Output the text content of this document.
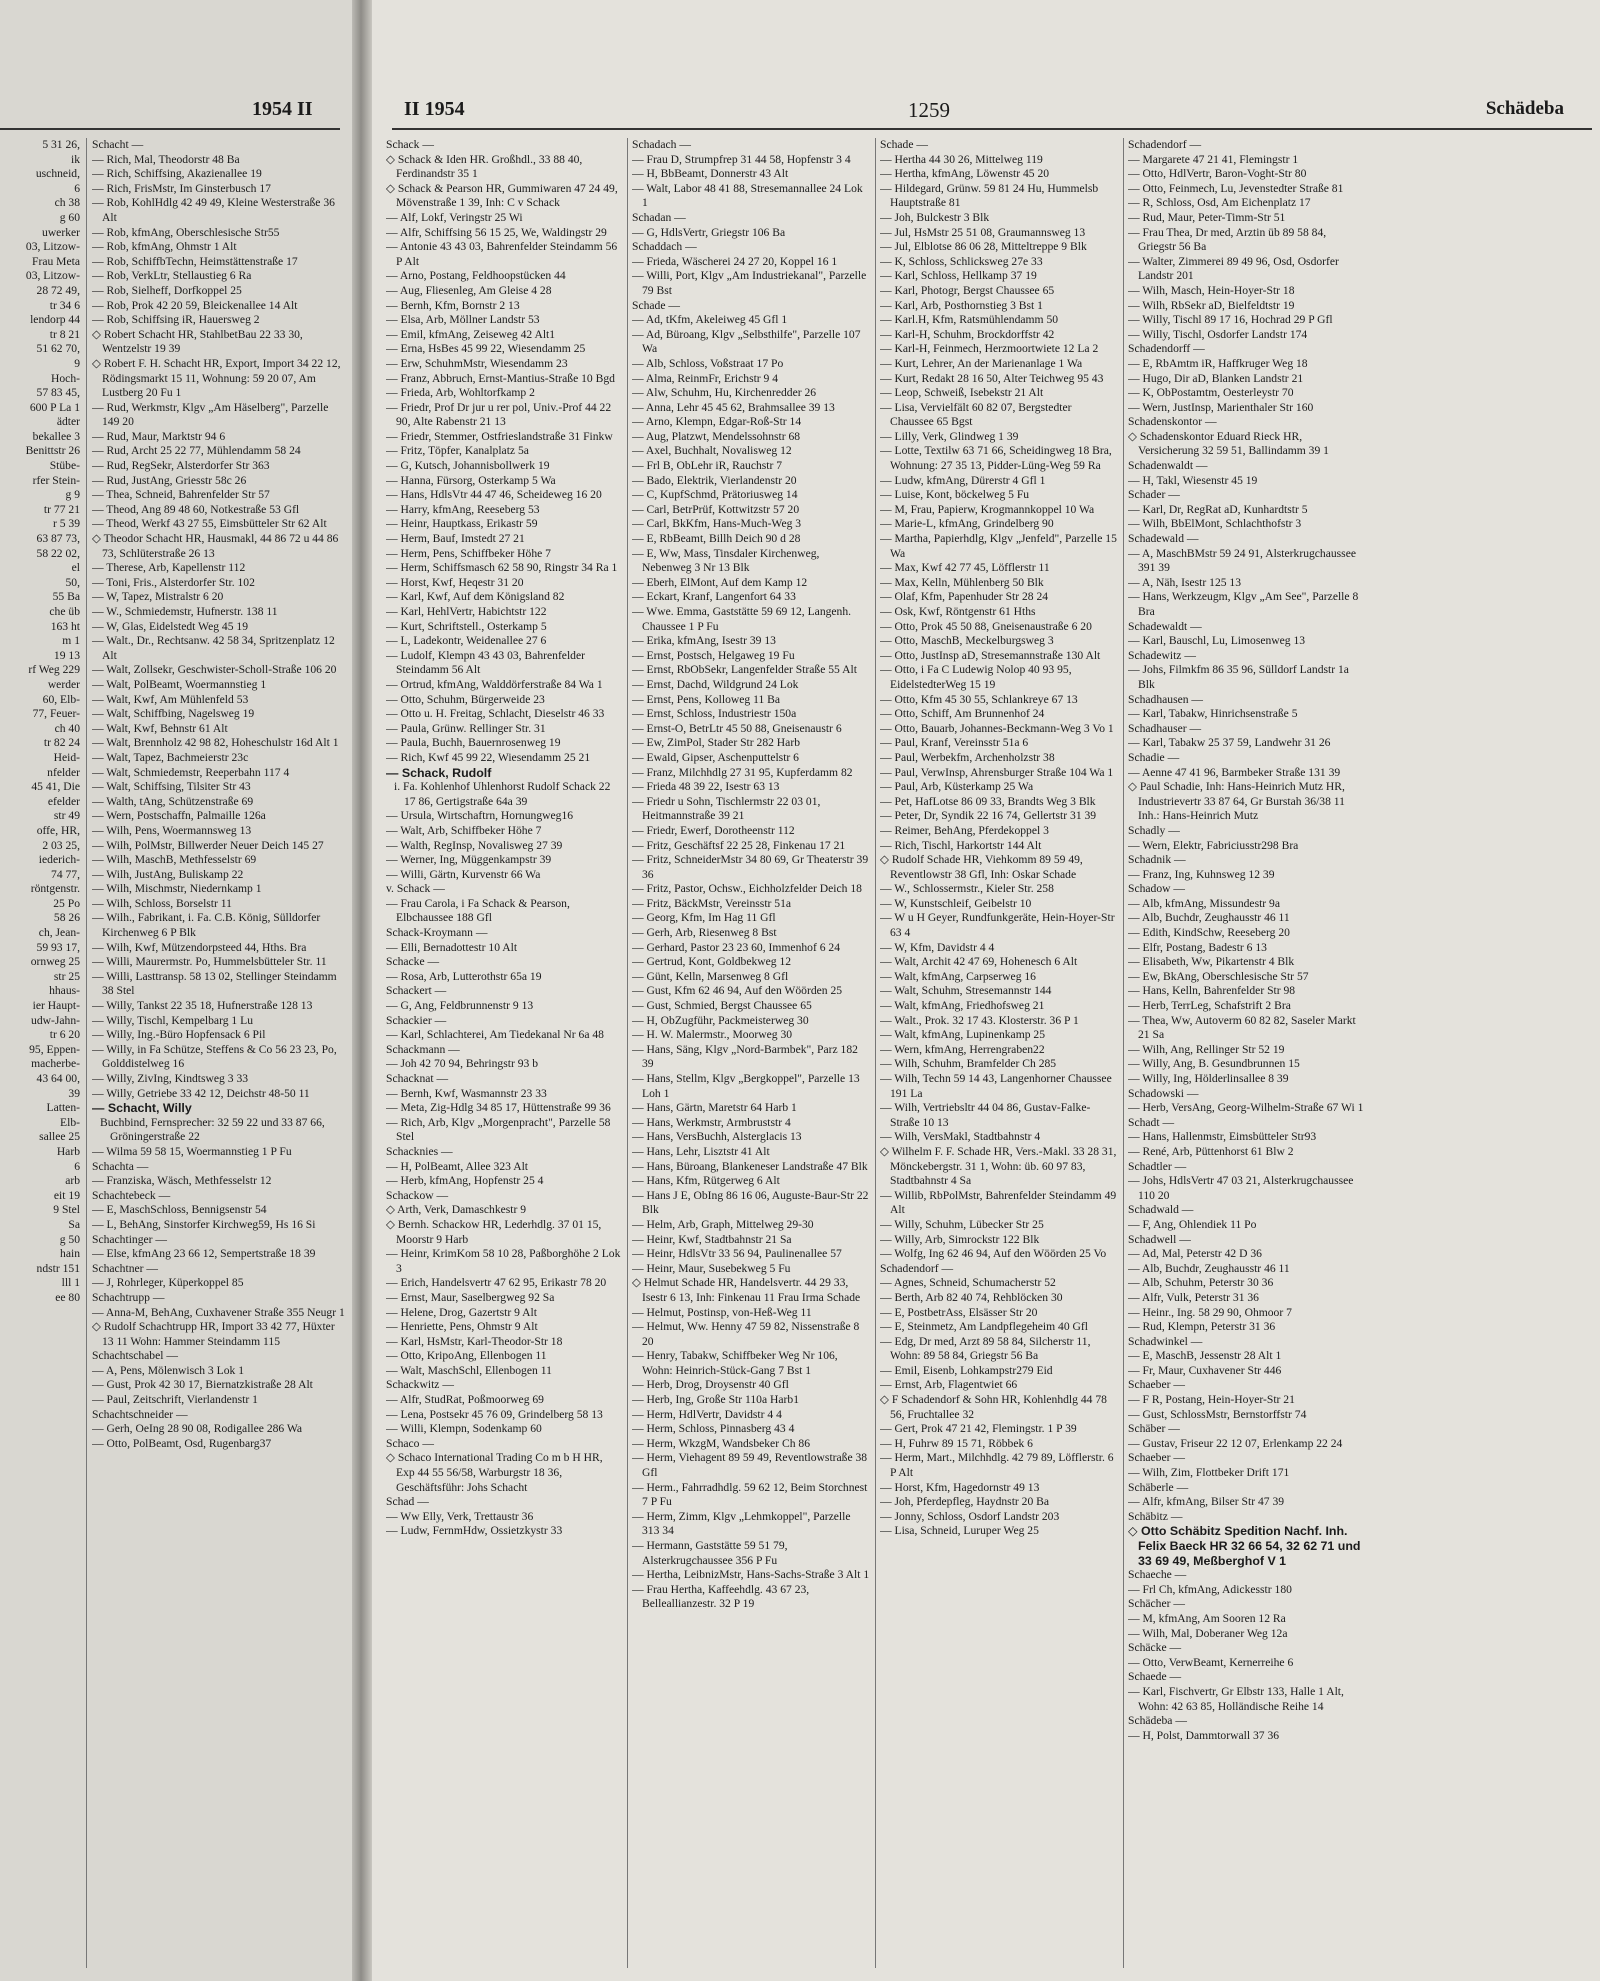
1954 II

5 31 26,

ik

uschneid,

6

ch 38

g 60

uwerker

03, Litzow-

Frau Meta

03, Litzow-

28 72 49,

tr 34 6

lendorp 44

tr 8 21

51 62 70,

9

Hoch-

57 83 45,

600 P La 1

ädter

bekallee 3

Benittstr 26

Stübe-

rfer Stein-

g 9

tr 77 21

r 5 39

63 87 73,

58 22 02,

el

50,

55 Ba

che üb

163 ht

m 1

19 13

rf Weg 229

werder

60, Elb-

77, Feuer-

ch 40

tr 82 24

Heid-

nfelder

45 41, Die

efelder

str 49

offe, HR,

2 03 25,

iederich-

74 77,

röntgenstr.

25 Po

58 26

ch, Jean-

59 93 17,

ornweg 25

str 25

hhaus-

ier Haupt-

udw-Jahn-

tr 6 20

95, Eppen-

macherbe-

43 64 00,

39

Latten-

Elb-

sallee 25

Harb

6

arb

eit 19

9 Stel

Sa

g 50

hain

ndstr 151

lll 1

ee 80

Schacht —

— Rich, Mal, Theodorstr 48 Ba

— Rich, Schiffsing, Akazienallee 19

— Rich, FrisMstr, Im Ginsterbusch 17

— Rob, KohlHdlg 42 49 49, Kleine Westerstraße 36 Alt

— Rob, kfmAng, Oberschlesische Str55

— Rob, kfmAng, Ohmstr 1 Alt

— Rob, SchiffbTechn, Heimstättenstraße 17

— Rob, VerkLtr, Stellaustieg 6 Ra

— Rob, Sielheff, Dorfkoppel 25

— Rob, Prok 42 20 59, Bleickenallee 14 Alt

— Rob, Schiffsing iR, Hauersweg 2

◇ Robert Schacht HR, StahlbetBau 22 33 30, Wentzelstr 19 39

◇ Robert F. H. Schacht HR, Export, Import 34 22 12, Rödingsmarkt 15 11, Wohnung: 59 20 07, Am Lustberg 20 Fu 1

— Rud, Werkmstr, Klgv „Am Häselberg", Parzelle 149 20

— Rud, Maur, Marktstr 94 6

— Rud, Archt 25 22 77, Mühlendamm 58 24

— Rud, RegSekr, Alsterdorfer Str 363

— Rud, JustAng, Griesstr 58c 26

— Thea, Schneid, Bahrenfelder Str 57

— Theod, Ang 89 48 60, Notkestraße 53 Gfl

— Theod, Werkf 43 27 55, Eimsbütteler Str 62 Alt

◇ Theodor Schacht HR, Hausmakl, 44 86 72 u 44 86 73, Schlüterstraße 26 13

— Therese, Arb, Kapellenstr 112

— Toni, Fris., Alsterdorfer Str. 102

— W, Tapez, Mistralstr 6 20

— W., Schmiedemstr, Hufnerstr. 138 11

— W, Glas, Eidelstedt Weg 45 19

— Walt., Dr., Rechtsanw. 42 58 34, Spritzenplatz 12 Alt

— Walt, Zollsekr, Geschwister-Scholl-Straße 106 20

— Walt, PolBeamt, Woermannstieg 1

— Walt, Kwf, Am Mühlenfeld 53

— Walt, Schiffbing, Nagelsweg 19

— Walt, Kwf, Behnstr 61 Alt

— Walt, Brennholz 42 98 82, Hoheschulstr 16d Alt 1

— Walt, Tapez, Bachmeierstr 23c

— Walt, Schmiedemstr, Reeperbahn 117 4

— Walt, Schiffsing, Tilsiter Str 43

— Walth, tAng, Schützenstraße 69

— Wern, Postschaffn, Palmaille 126a

— Wilh, Pens, Woermannsweg 13

— Wilh, PolMstr, Billwerder Neuer Deich 145 27

— Wilh, MaschB, Methfesselstr 69

— Wilh, JustAng, Buliskamp 22

— Wilh, Mischmstr, Niedernkamp 1

— Wilh, Schloss, Borselstr 11

— Wilh., Fabrikant, i. Fa. C.B. König, Sülldorfer Kirchenweg 6 P Blk

— Wilh, Kwf, Mützendorpsteed 44, Hths. Bra

— Willi, Maurermstr. Po, Hummelsbütteler Str. 11

— Willi, Lasttransp. 58 13 02, Stellinger Steindamm 38 Stel

— Willy, Tankst 22 35 18, Hufnerstraße 128 13

— Willy, Tischl, Kempelbarg 1 Lu

— Willy, Ing.-Büro Hopfensack 6 Pil

— Willy, in Fa Schütze, Steffens & Co 56 23 23, Po, Golddistelweg 16

— Willy, ZivIng, Kindtsweg 3 33

— Willy, Getriebe 33 42 12, Deichstr 48-50 11

— Schacht, Willy

Buchbind, Fernsprecher: 32 59 22 und 33 87 66, Gröningerstraße 22

— Wilma 59 58 15, Woermannstieg 1 P Fu

Schachta —

— Franziska, Wäsch, Methfesselstr 12

Schachtebeck —

— E, MaschSchloss, Bennigsenstr 54

— L, BehAng, Sinstorfer Kirchweg59, Hs 16 Si

Schachtinger —

— Else, kfmAng 23 66 12, Sempertstraße 18 39

Schachtner —

— J, Rohrleger, Küperkoppel 85

Schachtrupp —

— Anna-M, BehAng, Cuxhavener Straße 355 Neugr 1

◇ Rudolf Schachtrupp HR, Import 33 42 77, Hüxter 13 11 Wohn: Hammer Steindamm 115

Schachtschabel —

— A, Pens, Mölenwisch 3 Lok 1

— Gust, Prok 42 30 17, Biernatzkistraße 28 Alt

— Paul, Zeitschrift, Vierlandenstr 1

Schachtschneider —

— Gerh, OeIng 28 90 08, Rodigallee 286 Wa

— Otto, PolBeamt, Osd, Rugenbarg37

II 1954	1259	Schädeba

Schack —

◇ Schack & Iden HR. Großhdl., 33 88 40, Ferdinandstr 35 1

◇ Schack & Pearson HR, Gummiwaren 47 24 49, Mövenstraße 1 39, Inh: C v Schack

— Alf, Lokf, Veringstr 25 Wi

— Alfr, Schiffsing 56 15 25, We, Waldingstr 29

— Antonie 43 43 03, Bahrenfelder Steindamm 56 P Alt

— Arno, Postang, Feldhoopstücken 44

— Aug, Fliesenleg, Am Gleise 4 28

— Bernh, Kfm, Bornstr 2 13

— Elsa, Arb, Möllner Landstr 53

— Emil, kfmAng, Zeiseweg 42 Alt1

— Erna, HsBes 45 99 22, Wiesendamm 25

— Erw, SchuhmMstr, Wiesendamm 23

— Franz, Abbruch, Ernst-Mantius-Straße 10 Bgd

— Frieda, Arb, Wohltorfkamp 2

— Friedr, Prof Dr jur u rer pol, Univ.-Prof 44 22 90, Alte Rabenstr 21 13

— Friedr, Stemmer, Ostfrieslandstraße 31 Finkw

— Fritz, Töpfer, Kanalplatz 5a

— G, Kutsch, Johannisbollwerk 19

— Hanna, Fürsorg, Osterkamp 5 Wa

— Hans, HdlsVtr 44 47 46, Scheideweg 16 20

— Harry, kfmAng, Reeseberg 53

— Heinr, Hauptkass, Erikastr 59

— Herm, Bauf, Imstedt 27 21

— Herm, Pens, Schiffbeker Höhe 7

— Herm, Schiffsmasch 62 58 90, Ringstr 34 Ra 1

— Horst, Kwf, Heqestr 31 20

— Karl, Kwf, Auf dem Königsland 82

— Karl, HehlVertr, Habichtstr 122

— Kurt, Schriftstell., Osterkamp 5

— L, Ladekontr, Weidenallee 27 6

— Ludolf, Klempn 43 43 03, Bahrenfelder Steindamm 56 Alt

— Ortrud, kfmAng, Walddörferstraße 84 Wa 1

— Otto, Schuhm, Bürgerweide 23

— Otto u. H. Freitag, Schlacht, Dieselstr 46 33

— Paula, Grünw. Rellinger Str. 31

— Paula, Buchh, Bauernrosenweg 19

— Rich, Kwf 45 99 22, Wiesendamm 25 21

— Schack, Rudolf

i. Fa. Kohlenhof Uhlenhorst Rudolf Schack 22 17 86, Gertigstraße 64a 39

— Ursula, Wirtschaftrn, Hornungweg16

— Walt, Arb, Schiffbeker Höhe 7

— Walth, RegInsp, Novalisweg 27 39

— Werner, Ing, Müggenkampstr 39

— Willi, Gärtn, Kurvenstr 66 Wa

v. Schack —

— Frau Carola, i Fa Schack & Pearson, Elbchaussee 188 Gfl

Schack-Kroymann —

— Elli, Bernadottestr 10 Alt

Schacke —

— Rosa, Arb, Lutterothstr 65a 19

Schackert —

— G, Ang, Feldbrunnenstr 9 13

Schackier —

— Karl, Schlachterei, Am Tiedekanal Nr 6a 48

Schackmann —

— Joh 42 70 94, Behringstr 93 b

Schacknat —

— Bernh, Kwf, Wasmannstr 23 33

— Meta, Zig-Hdlg 34 85 17, Hüttenstraße 99 36

— Rich, Arb, Klgv „Morgenpracht", Parzelle 58 Stel

Schacknies —

— H, PolBeamt, Allee 323 Alt

— Herb, kfmAng, Hopfenstr 25 4

Schackow —

◇ Arth, Verk, Damaschkestr 9

◇ Bernh. Schackow HR, Lederhdlg. 37 01 15, Moorstr 9 Harb

— Heinr, KrimKom 58 10 28, Paßborghöhe 2 Lok 3

— Erich, Handelsvertr 47 62 95, Erikastr 78 20

— Ernst, Maur, Saselbergweg 92 Sa

— Helene, Drog, Gazertstr 9 Alt

— Henriette, Pens, Ohmstr 9 Alt

— Karl, HsMstr, Karl-Theodor-Str 18

— Otto, KripoAng, Ellenbogen 11

— Walt, MaschSchl, Ellenbogen 11

Schackwitz —

— Alfr, StudRat, Poßmoorweg 69

— Lena, Postsekr 45 76 09, Grindelberg 58 13

— Willi, Klempn, Sodenkamp 60

Schaco —

◇ Schaco International Trading Co m b H HR, Exp 44 55 56/58, Warburgstr 18 36, Geschäftsführ: Johs Schacht

Schad —

— Ww Elly, Verk, Trettaustr 36

— Ludw, FernmHdw, Ossietzkystr 33

Schadach —

— Frau D, Strumpfrep 31 44 58, Hopfenstr 3 4

— H, BbBeamt, Donnerstr 43 Alt

— Walt, Labor 48 41 88, Stresemannallee 24 Lok 1

Schadan —

— G, HdlsVertr, Griegstr 106 Ba

Schaddach —

— Frieda, Wäscherei 24 27 20, Koppel 16 1

— Willi, Port, Klgv „Am Industriekanal", Parzelle 79 Bst

Schade —

— Ad, tKfm, Akeleiweg 45 Gfl 1

— Ad, Büroang, Klgv „Selbsthilfe", Parzelle 107 Wa

— Alb, Schloss, Voßstraat 17 Po

— Alma, ReinmFr, Erichstr 9 4

— Alw, Schuhm, Hu, Kirchenredder 26

— Anna, Lehr 45 45 62, Brahmsallee 39 13

— Arno, Klempn, Edgar-Roß-Str 14

— Aug, Platzwt, Mendelssohnstr 68

— Axel, Buchhalt, Novalisweg 12

— Frl B, ObLehr iR, Rauchstr 7

— Bado, Elektrik, Vierlandenstr 20

— C, KupfSchmd, Prätoriusweg 14

— Carl, BetrPrüf, Kottwitzstr 57 20

— Carl, BkKfm, Hans-Much-Weg 3

— E, RbBeamt, Billh Deich 90 d 28

— E, Ww, Mass, Tinsdaler Kirchenweg, Nebenweg 3 Nr 13 Blk

— Eberh, ElMont, Auf dem Kamp 12

— Eckart, Kranf, Langenfort 64 33

— Wwe. Emma, Gaststätte 59 69 12, Langenh. Chaussee 1 P Fu

— Erika, kfmAng, Isestr 39 13

— Ernst, Postsch, Helgaweg 19 Fu

— Ernst, RbObSekr, Langenfelder Straße 55 Alt

— Ernst, Dachd, Wildgrund 24 Lok

— Ernst, Pens, Kolloweg 11 Ba

— Ernst, Schloss, Industriestr 150a

— Ernst-O, BetrLtr 45 50 88, Gneisenaustr 6

— Ew, ZimPol, Stader Str 282 Harb

— Ewald, Gipser, Aschenputtelstr 6

— Franz, Milchhdlg 27 31 95, Kupferdamm 82

— Frieda 48 39 22, Isestr 63 13

— Friedr u Sohn, Tischlermstr 22 03 01, Heitmannstraße 39 21

— Friedr, Ewerf, Dorotheenstr 112

— Fritz, Geschäftsf 22 25 28, Finkenau 17 21

— Fritz, SchneiderMstr 34 80 69, Gr Theaterstr 39 36

— Fritz, Pastor, Ochsw., Eichholzfelder Deich 18

— Fritz, BäckMstr, Vereinsstr 51a

— Georg, Kfm, Im Hag 11 Gfl

— Gerh, Arb, Riesenweg 8 Bst

— Gerhard, Pastor 23 23 60, Immenhof 6 24

— Gertrud, Kont, Goldbekweg 12

— Günt, Kelln, Marsenweg 8 Gfl

— Gust, Kfm 62 46 94, Auf den Wöörden 25

— Gust, Schmied, Bergst Chaussee 65

— H, ObZugführ, Packmeisterweg 30

— H. W. Malermstr., Moorweg 30

— Hans, Säng, Klgv „Nord-Barmbek", Parz 182 39

— Hans, Stellm, Klgv „Bergkoppel", Parzelle 13 Loh 1

— Hans, Gärtn, Maretstr 64 Harb 1

— Hans, Werkmstr, Armbruststr 4

— Hans, VersBuchh, Alsterglacis 13

— Hans, Lehr, Lisztstr 41 Alt

— Hans, Büroang, Blankeneser Landstraße 47 Blk

— Hans, Kfm, Rütgerweg 6 Alt

— Hans J E, ObIng 86 16 06, Auguste-Baur-Str 22 Blk

— Helm, Arb, Graph, Mittelweg 29-30

— Heinr, Kwf, Stadtbahnstr 21 Sa

— Heinr, HdlsVtr 33 56 94, Paulinenallee 57

— Heinr, Maur, Susebekweg 5 Fu

◇ Helmut Schade HR, Handelsvertr. 44 29 33, Isestr 6 13, Inh: Finkenau 11 Frau Irma Schade

— Helmut, Postinsp, von-Heß-Weg 11

— Helmut, Ww. Henny 47 59 82, Nissenstraße 8 20

— Henry, Tabakw, Schiffbeker Weg Nr 106, Wohn: Heinrich-Stück-Gang 7 Bst 1

— Herb, Drog, Droysenstr 40 Gfl

— Herb, Ing, Große Str 110a Harb1

— Herm, HdlVertr, Davidstr 4 4

— Herm, Schloss, Pinnasberg 43 4

— Herm, WkzgM, Wandsbeker Ch 86

— Herm, Viehagent 89 59 49, Reventlowstraße 38 Gfl

— Herm., Fahrradhdlg. 59 62 12, Beim Storchnest 7 P Fu

— Herm, Zimm, Klgv „Lehmkoppel", Parzelle 313 34

— Hermann, Gaststätte 59 51 79, Alsterkrugchaussee 356 P Fu

— Hertha, LeibnizMstr, Hans-Sachs-Straße 3 Alt 1

— Frau Hertha, Kaffeehdlg. 43 67 23, Belleallianzestr. 32 P 19

Schade —

— Hertha 44 30 26, Mittelweg 119

— Hertha, kfmAng, Löwenstr 45 20

— Hildegard, Grünw. 59 81 24 Hu, Hummelsb Hauptstraße 81

— Joh, Bulckestr 3 Blk

— Jul, HsMstr 25 51 08, Graumannsweg 13

— Jul, Elblotse 86 06 28, Mitteltreppe 9 Blk

— K, Schloss, Schlicksweg 27e 33

— Karl, Schloss, Hellkamp 37 19

— Karl, Photogr, Bergst Chaussee 65

— Karl, Arb, Posthornstieg 3 Bst 1

— Karl.H, Kfm, Ratsmühlendamm 50

— Karl-H, Schuhm, Brockdorffstr 42

— Karl-H, Feinmech, Herzmoortwiete 12 La 2

— Kurt, Lehrer, An der Marienanlage 1 Wa

— Kurt, Redakt 28 16 50, Alter Teichweg 95 43

— Leop, Schweiß, Isebekstr 21 Alt

— Lisa, Vervielfält 60 82 07, Bergstedter Chaussee 65 Bgst

— Lilly, Verk, Glindweg 1 39

— Lotte, Textilw 63 71 66, Scheidingweg 18 Bra, Wohnung: 27 35 13, Pidder-Lüng-Weg 59 Ra

— Ludw, kfmAng, Dürerstr 4 Gfl 1

— Luise, Kont, böckelweg 5 Fu

— M, Frau, Papierw, Krogmannkoppel 10 Wa

— Marie-L, kfmAng, Grindelberg 90

— Martha, Papierhdlg, Klgv „Jenfeld", Parzelle 15 Wa

— Max, Kwf 42 77 45, Löfflerstr 11

— Max, Kelln, Mühlenberg 50 Blk

— Olaf, Kfm, Papenhuder Str 28 24

— Osk, Kwf, Röntgenstr 61 Hths

— Otto, Prok 45 50 88, Gneisenaustraße 6 20

— Otto, MaschB, Meckelburgsweg 3

— Otto, JustInsp aD, Stresemannstraße 130 Alt

— Otto, i Fa C Ludewig Nolop 40 93 95, EidelstedterWeg 15 19

— Otto, Kfm 45 30 55, Schlankreye 67 13

— Otto, Schiff, Am Brunnenhof 24

— Otto, Bauarb, Johannes-Beckmann-Weg 3 Vo 1

— Paul, Kranf, Vereinsstr 51a 6

— Paul, Werbekfm, Archenholzstr 38

— Paul, VerwInsp, Ahrensburger Straße 104 Wa 1

— Paul, Arb, Küsterkamp 25 Wa

— Pet, HafLotse 86 09 33, Brandts Weg 3 Blk

— Peter, Dr, Syndik 22 16 74, Gellertstr 31 39

— Reimer, BehAng, Pferdekoppel 3

— Rich, Tischl, Harkortstr 144 Alt

◇ Rudolf Schade HR, Viehkomm 89 59 49, Reventlowstr 38 Gfl, Inh: Oskar Schade

— W., Schlossermstr., Kieler Str. 258

— W, Kunstschleif, Geibelstr 10

— W u H Geyer, Rundfunkgeräte, Hein-Hoyer-Str 63 4

— W, Kfm, Davidstr 4 4

— Walt, Archit 42 47 69, Hohenesch 6 Alt

— Walt, kfmAng, Carpserweg 16

— Walt, Schuhm, Stresemannstr 144

— Walt, kfmAng, Friedhofsweg 21

— Walt., Prok. 32 17 43. Klosterstr. 36 P 1

— Walt, kfmAng, Lupinenkamp 25

— Wern, kfmAng, Herrengraben22

— Wilh, Schuhm, Bramfelder Ch 285

— Wilh, Techn 59 14 43, Langenhorner Chaussee 191 La

— Wilh, Vertriebsltr 44 04 86, Gustav-Falke-Straße 10 13

— Wilh, VersMakl, Stadtbahnstr 4

◇ Wilhelm F. F. Schade HR, Vers.-Makl. 33 28 31, Mönckebergstr. 31 1, Wohn: üb. 60 97 83, Stadtbahnstr 4 Sa

— Willib, RbPolMstr, Bahrenfelder Steindamm 49 Alt

— Willy, Schuhm, Lübecker Str 25

— Willy, Arb, Simrockstr 122 Blk

— Wolfg, Ing 62 46 94, Auf den Wöörden 25 Vo

Schadendorf —

— Agnes, Schneid, Schumacherstr 52

— Berth, Arb 82 40 74, Rehblöcken 30

— E, PostbetrAss, Elsässer Str 20

— E, Steinmetz, Am Landpflegeheim 40 Gfl

— Edg, Dr med, Arzt 89 58 84, Silcherstr 11, Wohn: 89 58 84, Griegstr 56 Ba

— Emil, Eisenb, Lohkampstr279 Eid

— Ernst, Arb, Flagentwiet 66

◇ F Schadendorf & Sohn HR, Kohlenhdlg 44 78 56, Fruchtallee 32

— Gert, Prok 47 21 42, Flemingstr. 1 P 39

— H, Fuhrw 89 15 71, Röbbek 6

— Herm, Mart., Milchhdlg. 42 79 89, Löfflerstr. 6 P Alt

— Horst, Kfm, Hagedornstr 49 13

— Joh, Pferdepfleg, Haydnstr 20 Ba

— Jonny, Schloss, Osdorf Landstr 203

— Lisa, Schneid, Luruper Weg 25

Schadendorf —

— Margarete 47 21 41, Flemingstr 1

— Otto, HdlVertr, Baron-Voght-Str 80

— Otto, Feinmech, Lu, Jevenstedter Straße 81

— R, Schloss, Osd, Am Eichenplatz 17

— Rud, Maur, Peter-Timm-Str 51

— Frau Thea, Dr med, Arztin üb 89 58 84, Griegstr 56 Ba

— Walter, Zimmerei 89 49 96, Osd, Osdorfer Landstr 201

— Wilh, Masch, Hein-Hoyer-Str 18

— Wilh, RbSekr aD, Bielfeldtstr 19

— Willy, Tischl 89 17 16, Hochrad 29 P Gfl

— Willy, Tischl, Osdorfer Landstr 174

Schadendorff —

— E, RbAmtm iR, Haffkruger Weg 18

— Hugo, Dir aD, Blanken Landstr 21

— K, ObPostamtm, Oesterleystr 70

— Wern, JustInsp, Marienthaler Str 160

Schadenskontor —

◇ Schadenskontor Eduard Rieck HR, Versicherung 32 59 51, Ballindamm 39 1

Schadenwaldt —

— H, Takl, Wiesenstr 45 19

Schader —

— Karl, Dr, RegRat aD, Kunhardtstr 5

— Wilh, BbElMont, Schlachthofstr 3

Schadewald —

— A, MaschBMstr 59 24 91, Alsterkrugchaussee 391 39

— A, Näh, Isestr 125 13

— Hans, Werkzeugm, Klgv „Am See", Parzelle 8 Bra

Schadewaldt —

— Karl, Bauschl, Lu, Limosenweg 13

Schadewitz —

— Johs, Filmkfm 86 35 96, Sülldorf Landstr 1a Blk

Schadhausen —

— Karl, Tabakw, Hinrichsenstraße 5

Schadhauser —

— Karl, Tabakw 25 37 59, Landwehr 31 26

Schadie —

— Aenne 47 41 96, Barmbeker Straße 131 39

◇ Paul Schadie, Inh: Hans-Heinrich Mutz HR, Industrievertr 33 87 64, Gr Burstah 36/38 11 Inh.: Hans-Heinrich Mutz

Schadly —

— Wern, Elektr, Fabriciusstr298 Bra

Schadnik —

— Franz, Ing, Kuhnsweg 12 39

Schadow —

— Alb, kfmAng, Missundestr 9a

— Alb, Buchdr, Zeughausstr 46 11

— Edith, KindSchw, Reeseberg 20

— Elfr, Postang, Badestr 6 13

— Elisabeth, Ww, Pikartenstr 4 Blk

— Ew, BkAng, Oberschlesische Str 57

— Hans, Kelln, Bahrenfelder Str 98

— Herb, TerrLeg, Schafstrift 2 Bra

— Thea, Ww, Autoverm 60 82 82, Saseler Markt 21 Sa

— Wilh, Ang, Rellinger Str 52 19

— Willy, Ang, B. Gesundbrunnen 15

— Willy, Ing, Hölderlinsallee 8 39

Schadowski —

— Herb, VersAng, Georg-Wilhelm-Straße 67 Wi 1

Schadt —

— Hans, Hallenmstr, Eimsbütteler Str93

— René, Arb, Püttenhorst 61 Blw 2

Schadtler —

— Johs, HdlsVertr 47 03 21, Alsterkrugchaussee 110 20

Schadwald —

— F, Ang, Ohlendiek 11 Po

Schadwell —

— Ad, Mal, Peterstr 42 D 36

— Alb, Buchdr, Zeughausstr 46 11

— Alb, Schuhm, Peterstr 30 36

— Alfr, Vulk, Peterstr 31 36

— Heinr., Ing. 58 29 90, Ohmoor 7

— Rud, Klempn, Peterstr 31 36

Schadwinkel —

— E, MaschB, Jessenstr 28 Alt 1

— Fr, Maur, Cuxhavener Str 446

Schaeber —

— F R, Postang, Hein-Hoyer-Str 21

— Gust, SchlossMstr, Bernstorffstr 74

Schäber —

— Gustav, Friseur 22 12 07, Erlenkamp 22 24

Schaeber —

— Wilh, Zim, Flottbeker Drift 171

Schäberle —

— Alfr, kfmAng, Bilser Str 47 39

Schäbitz —

◇ Otto Schäbitz Spedition Nachf. Inh. Felix Baeck HR 32 66 54, 32 62 71 und 33 69 49, Meßberghof V 1

Schaeche —

— Frl Ch, kfmAng, Adickesstr 180

Schächer —

— M, kfmAng, Am Sooren 12 Ra

— Wilh, Mal, Doberaner Weg 12a

Schäcke —

— Otto, VerwBeamt, Kernerreihe 6

Schaede —

— Karl, Fischvertr, Gr Elbstr 133, Halle 1 Alt, Wohn: 42 63 85, Holländische Reihe 14

Schädeba —

— H, Polst, Dammtorwall 37 36
